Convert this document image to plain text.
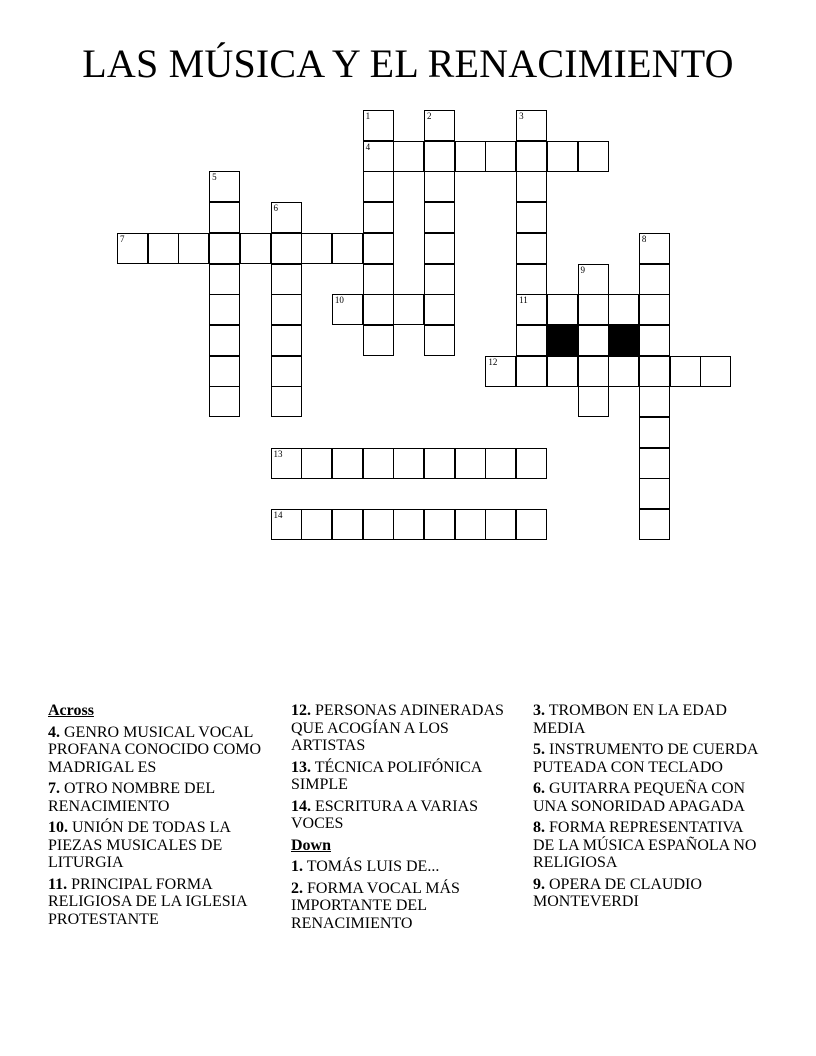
LAS MÚSICA Y EL RENACIMIENTO
4
7
10	11
12
13
14
1	2	3
5
6
8
9
Across
4. GENRO MUSICAL VOCAL PROFANA CONOCIDO COMO MADRIGAL ES
7. OTRO NOMBRE DEL RENACIMIENTO
10. UNIÓN DE TODAS LA PIEZAS MUSICALES DE LITURGIA
11. PRINCIPAL FORMA RELIGIOSA DE LA IGLESIA PROTESTANTE
12. PERSONAS ADINERADAS QUE ACOGÍAN A LOS ARTISTAS
13. TÉCNICA POLIFÓNICA SIMPLE
14. ESCRITURA A VARIAS VOCES
Down
1. TOMÁS LUIS DE...
2. FORMA VOCAL MÁS IMPORTANTE DEL RENACIMIENTO
3. TROMBON EN LA EDAD MEDIA
5. INSTRUMENTO DE CUERDA PUTEADA CON TECLADO
6. GUITARRA PEQUEÑA CON UNA SONORIDAD APAGADA
8. FORMA REPRESENTATIVA DE LA MÚSICA ESPAÑOLA NO RELIGIOSA
9. OPERA DE CLAUDIO MONTEVERDI
